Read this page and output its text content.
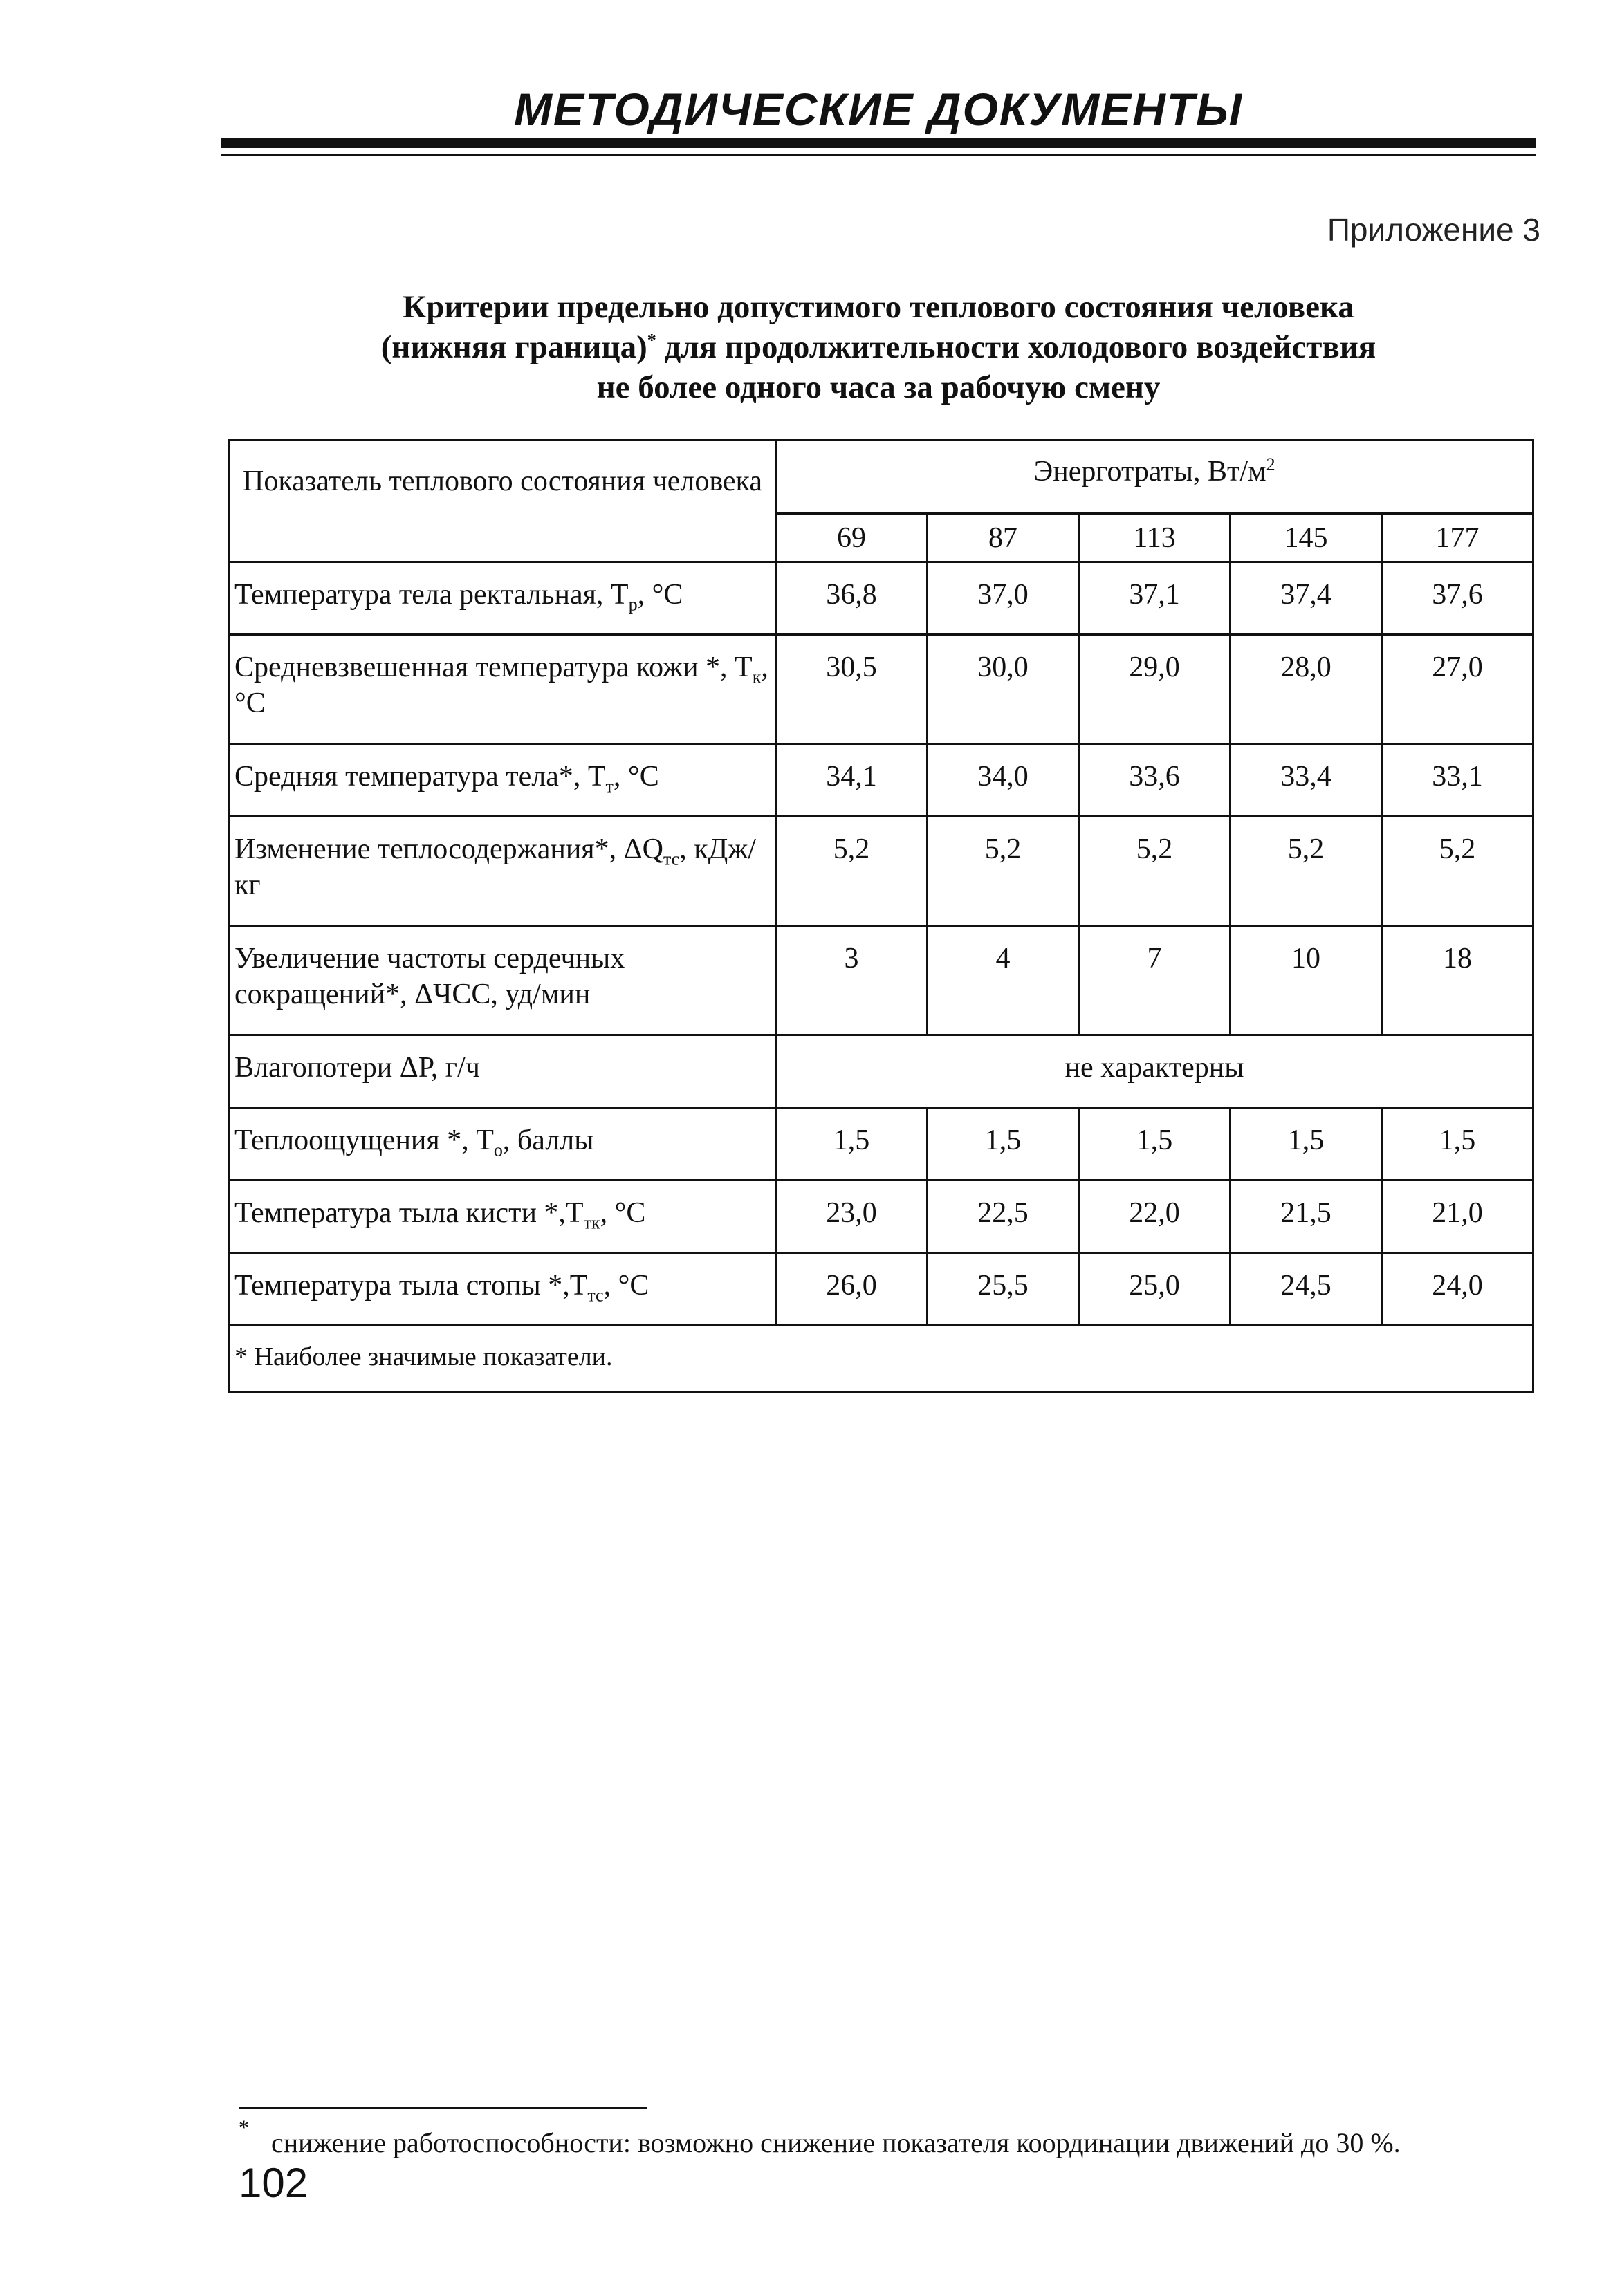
МЕТОДИЧЕСКИЕ ДОКУМЕНТЫ
Приложение 3
Критерии предельно допустимого теплового состояния человека
(нижняя граница)* для продолжительности холодового воздействия
не более одного часа за рабочую смену
Показатель теплового состояния человека	Энерготраты, $Вт/м^2$
	69	87	113	145	177
Температура тела ректальная, $Т_р$, °С	36,8	37,0	37,1	37,4	37,6
Средневзвешенная температура кожи *, $Т_к$, °С	30,5	30,0	29,0	28,0	27,0
Средняя температура тела*, $Т_т$, °С	34,1	34,0	33,6	33,4	33,1
Изменение теплосодержания*, $\Delta Q_{тс}$, кДж/кг	5,2	5,2	5,2	5,2	5,2
Увеличение частоты сердечных сокращений*, ΔЧСС, уд/мин	3	4	7	10	18
Влагопотери ΔР, г/ч	не характерны				
Теплоощущения *, $Т_о$, баллы	1,5	1,5	1,5	1,5	1,5
Температура тыла кисти $*,Т_{тк}$, °С	23,0	22,5	22,0	21,5	21,0
Температура тыла стопы $*,Т_{тс}$, °С	26,0	25,5	25,0	24,5	24,0
* Наиболее значимые показатели.					
* снижение работоспособности: возможно снижение показателя координации движений до 30 %.
102
